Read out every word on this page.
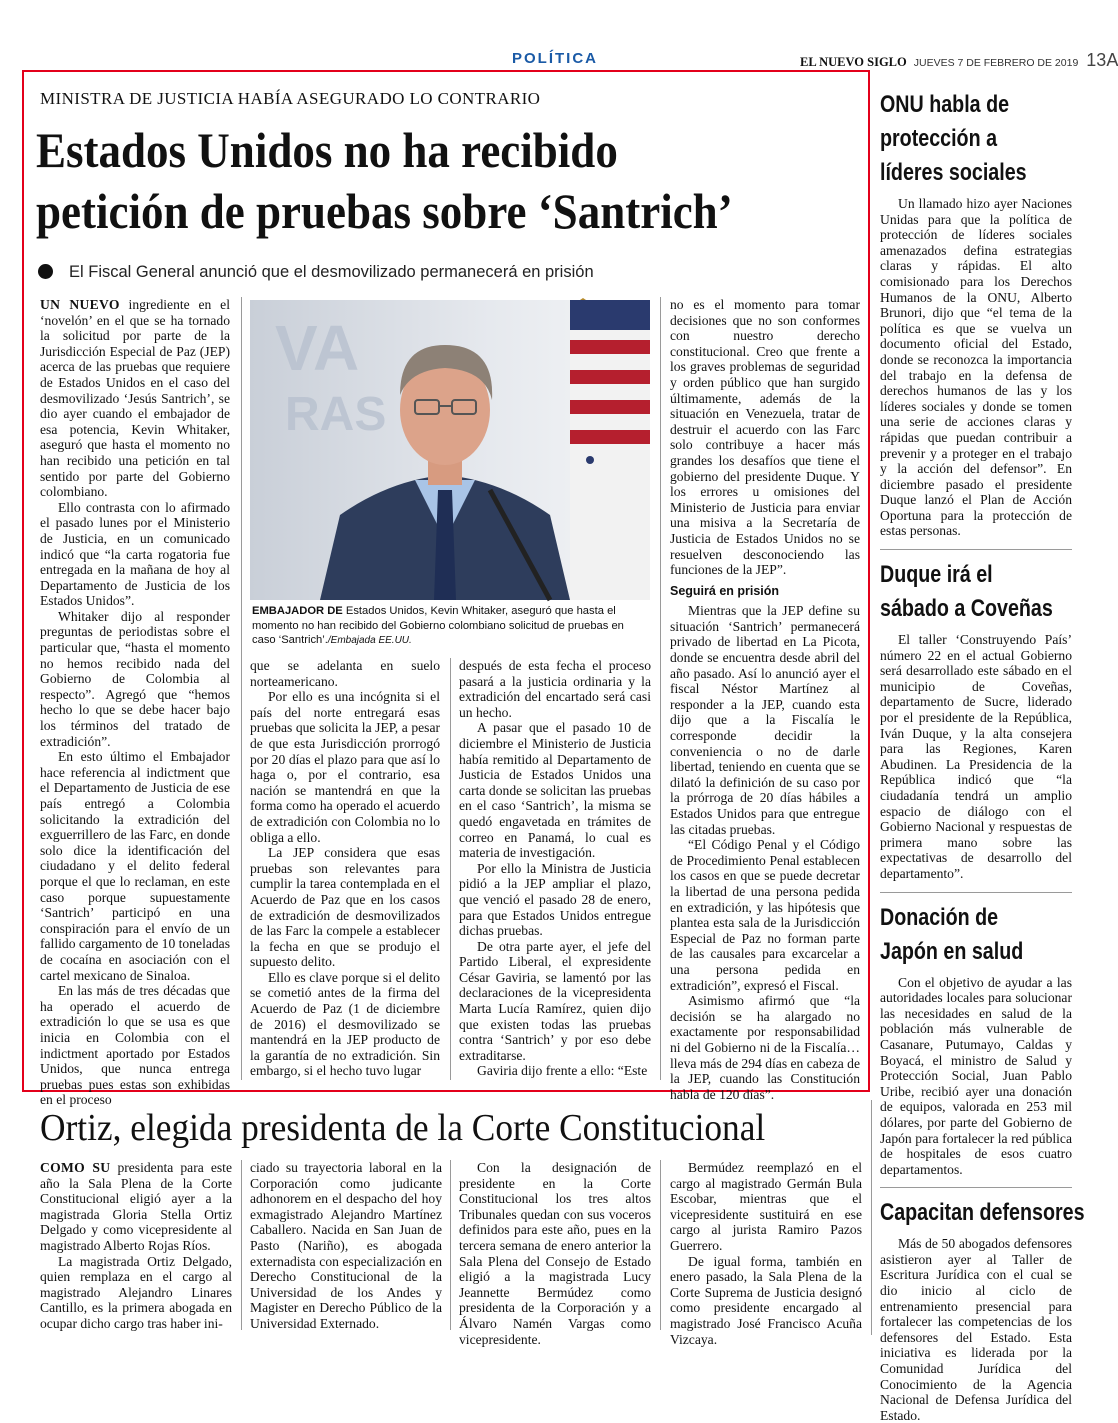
POLÍTICA	EL NUEVO SIGLO JUEVES 7 DE FEBRERO DE 2019 13A
MINISTRA DE JUSTICIA HABÍA ASEGURADO LO CONTRARIO
Estados Unidos no ha recibido
petición de pruebas sobre ‘Santrich’
El Fiscal General anunció que el desmovilizado permanecerá en prisión
VA
RAS
EMBAJADOR DE Estados Unidos, Kevin Whitaker, aseguró que hasta el momento no han recibido del Gobierno colombiano solicitud de pruebas en caso ‘Santrich’./Embajada EE.UU.

UN NUEVO ingrediente en el ‘novelón’ en el que se ha tornado la solicitud por parte de la Jurisdicción Especial de Paz (JEP) acerca de las pruebas que requiere de Estados Unidos en el caso del desmovilizado ‘Jesús Santrich’, se dio ayer cuando el embajador de esa potencia, Kevin Whitaker, aseguró que hasta el momento no han recibido una petición en tal sentido por parte del Gobierno colombiano.

Ello contrasta con lo afirmado el pasado lunes por el Ministerio de Justicia, en un comunicado indicó que “la carta rogatoria fue entregada en la mañana de hoy al Departamento de Justicia de los Estados Unidos”.

Whitaker dijo al responder preguntas de periodistas sobre el particular que, “hasta el momento no hemos recibido nada del Gobierno de Colombia al respecto”. Agregó que “hemos hecho lo que se debe hacer bajo los términos del tratado de extradición”.

En esto último el Embajador hace referencia al indictment que el Departamento de Justicia de ese país entregó a Colombia solicitando la extradición del exguerrillero de las Farc, en donde solo dice la identificación del ciudadano y el delito federal porque el que lo reclaman, en este caso porque supuestamente ‘Santrich’ participó en una conspiración para el envío de un fallido cargamento de 10 toneladas de cocaína en asociación con el cartel mexicano de Sinaloa.

En las más de tres décadas que ha operado el acuerdo de extradición lo que se usa es que inicia en Colombia con el indictment aportado por Estados Unidos, que nunca entrega pruebas pues estas son exhibidas en el proceso

que se adelanta en suelo norteamericano.

Por ello es una incógnita si el país del norte entregará esas pruebas que solicita la JEP, a pesar de que esta Jurisdicción prorrogó por 20 días el plazo para que así lo haga o, por el contrario, esa nación se mantendrá en que la forma como ha operado el acuerdo de extradición con Colombia no lo obliga a ello.

La JEP considera que esas pruebas son relevantes para cumplir la tarea contemplada en el Acuerdo de Paz que en los casos de extradición de desmovilizados de las Farc la compele a establecer la fecha en que se produjo el supuesto delito.

Ello es clave porque si el delito se cometió antes de la firma del Acuerdo de Paz (1 de diciembre de 2016) el desmovilizado se mantendrá en la JEP producto de la garantía de no extradición. Sin embargo, si el hecho tuvo lugar

después de esta fecha el proceso pasará a la justicia ordinaria y la extradición del encartado será casi un hecho.

A pasar que el pasado 10 de diciembre el Ministerio de Justicia había remitido al Departamento de Justicia de Estados Unidos una carta donde se solicitan las pruebas en el caso ‘Santrich’, la misma se quedó engavetada en trámites de correo en Panamá, lo cual es materia de investigación.

Por ello la Ministra de Justicia pidió a la JEP ampliar el plazo, que venció el pasado 28 de enero, para que Estados Unidos entregue dichas pruebas.

De otra parte ayer, el jefe del Partido Liberal, el expresidente César Gaviria, se lamentó por las declaraciones de la vicepresidenta Marta Lucía Ramírez, quien dijo que existen todas las pruebas contra ‘Santrich’ y por eso debe extraditarse.

Gaviria dijo frente a ello: “Este

no es el momento para tomar decisiones que no son conformes con nuestro derecho constitucional. Creo que frente a los graves problemas de seguridad y orden público que han surgido últimamente, además de la situación en Venezuela, tratar de destruir el acuerdo con las Farc solo contribuye a hacer más grandes los desafíos que tiene el gobierno del presidente Duque. Y los errores u omisiones del Ministerio de Justicia para enviar una misiva a la Secretaría de Justicia de Estados Unidos no se resuelven desconociendo las funciones de la JEP”.

Seguirá en prisión

Mientras que la JEP define su situación ‘Santrich’ permanecerá privado de libertad en La Picota, donde se encuentra desde abril del año pasado. Así lo anunció ayer el fiscal Néstor Martínez al responder a la JEP, cuando esta dijo que a la Fiscalía le corresponde decidir la conveniencia o no de darle libertad, teniendo en cuenta que se dilató la definición de su caso por la prórroga de 20 días hábiles a Estados Unidos para que entregue las citadas pruebas.

“El Código Penal y el Código de Procedimiento Penal establecen los casos en que se puede decretar la libertad de una persona pedida en extradición, y las hipótesis que plantea esta sala de la Jurisdicción Especial de Paz no forman parte de las causales para excarcelar a una persona pedida en extradición”, expresó el Fiscal.

Asimismo afirmó que “la decisión se ha alargado no exactamente por responsabilidad ni del Gobierno ni de la Fiscalía… lleva más de 294 días en cabeza de la JEP, cuando las Constitución habla de 120 días”.

ONU habla de
protección a
líderes sociales

Un llamado hizo ayer Naciones Unidas para que la política de protección de líderes sociales amenazados defina estrategias claras y rápidas. El alto comisionado para los Derechos Humanos de la ONU, Alberto Brunori, dijo que “el tema de la política es que se vuelva un documento oficial del Estado, donde se reconozca la importancia del trabajo en la defensa de derechos humanos de las y los líderes sociales y donde se tomen una serie de acciones claras y rápidas que puedan contribuir a prevenir y a proteger en el trabajo y la acción del defensor”. En diciembre pasado el presidente Duque lanzó el Plan de Acción Oportuna para la protección de estas personas.

Duque irá el
sábado a Coveñas

El taller ‘Construyendo País’ número 22 en el actual Gobierno será desarrollado este sábado en el municipio de Coveñas, departamento de Sucre, liderado por el presidente de la República, Iván Duque, y la alta consejera para las Regiones, Karen Abudinen. La Presidencia de la República indicó que “la ciudadanía tendrá un amplio espacio de diálogo con el Gobierno Nacional y respuestas de primera mano sobre las expectativas de desarrollo del departamento”.

Donación de
Japón en salud

Con el objetivo de ayudar a las autoridades locales para solucionar las necesidades en salud de la población más vulnerable de Casanare, Putumayo, Caldas y Boyacá, el ministro de Salud y Protección Social, Juan Pablo Uribe, recibió ayer una donación de equipos, valorada en 253 mil dólares, por parte del Gobierno de Japón para fortalecer la red pública de hospitales de esos cuatro departamentos.

Capacitan defensores

Más de 50 abogados defensores asistieron ayer al Taller de Escritura Jurídica con el cual se dio inicio al ciclo de entrenamiento presencial para fortalecer las competencias de los defensores del Estado. Esta iniciativa es liderada por la Comunidad Jurídica del Conocimiento de la Agencia Nacional de Defensa Jurídica del Estado.

Ortiz, elegida presidenta de la Corte Constitucional

COMO SU presidenta para este año la Sala Plena de la Corte Constitucional eligió ayer a la magistrada Gloria Stella Ortiz Delgado y como vicepresidente al magistrado Alberto Rojas Ríos.

La magistrada Ortiz Delgado, quien remplaza en el cargo al magistrado Alejandro Linares Cantillo, es la primera abogada en ocupar dicho cargo tras haber ini-

ciado su trayectoria laboral en la Corporación como judicante adhonorem en el despacho del hoy exmagistrado Alejandro Martínez Caballero. Nacida en San Juan de Pasto (Nariño), es abogada externadista con especialización en Derecho Constitucional de la Universidad de los Andes y Magister en Derecho Público de la Universidad Externado.

Con la designación de presidente en la Corte Constitucional los tres altos Tribunales quedan con sus voceros definidos para este año, pues en la tercera semana de enero anterior la Sala Plena del Consejo de Estado eligió a la magistrada Lucy Jeannette Bermúdez como presidenta de la Corporación y a Álvaro Namén Vargas como vicepresidente.

Bermúdez reemplazó en el cargo al magistrado Germán Bula Escobar, mientras que el vicepresidente sustituirá en ese cargo al jurista Ramiro Pazos Guerrero.

De igual forma, también en enero pasado, la Sala Plena de la Corte Suprema de Justicia designó como presidente encargado al magistrado José Francisco Acuña Vizcaya.
